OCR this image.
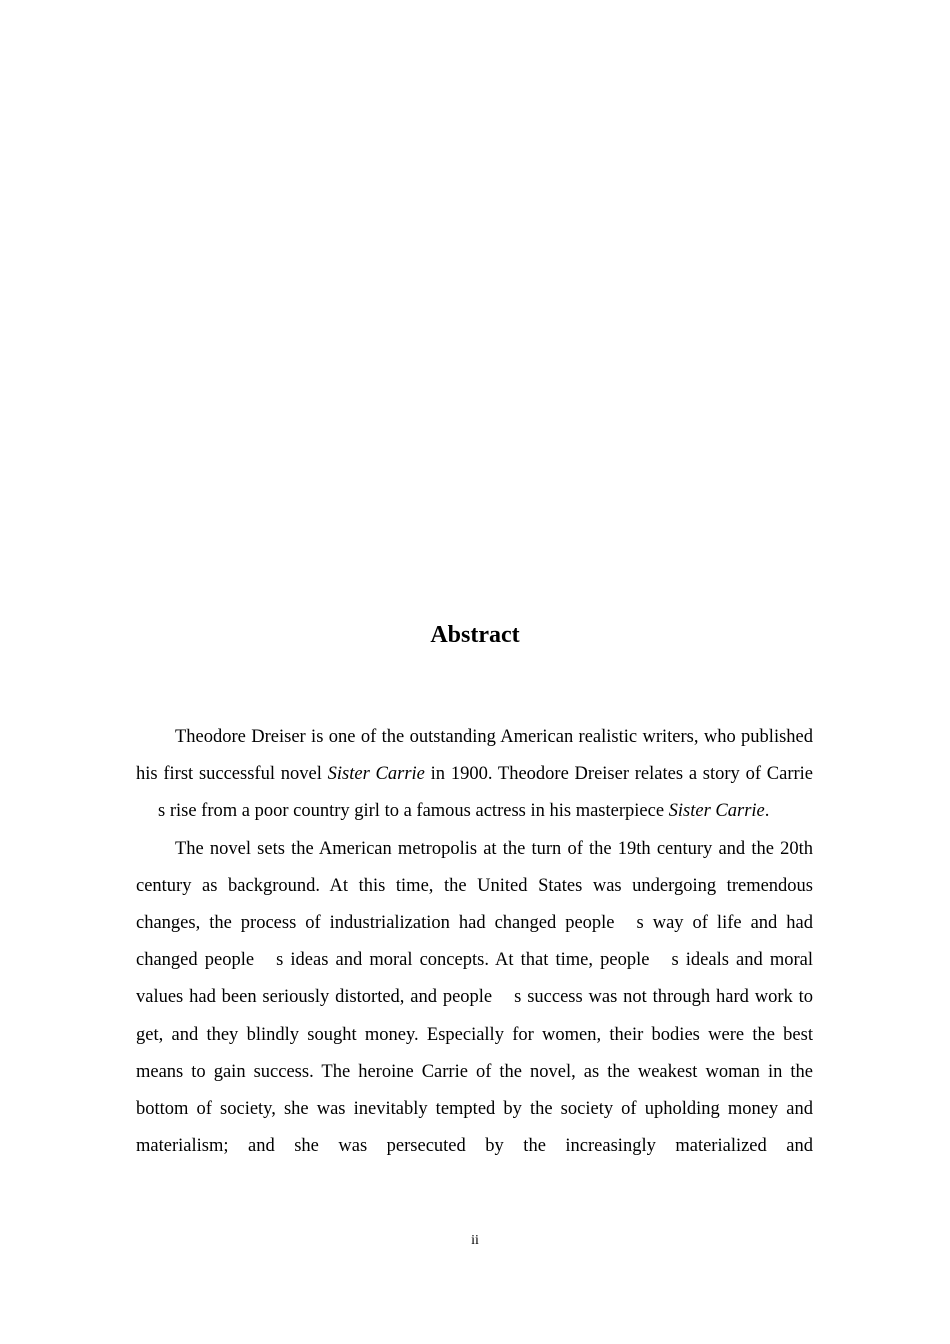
Abstract

Theodore Dreiser is one of the outstanding American realistic writers, who published his first successful novel Sister Carrie in 1900. Theodore Dreiser relates a story of Carries rise from a poor country girl to a famous actress in his masterpiece Sister Carrie.

The novel sets the American metropolis at the turn of the 19th century and the 20th century as background. At this time, the United States was undergoing tremendous changes, the process of industrialization had changed people s way of life and had changed people s ideas and moral concepts. At that time, people s ideals and moral values had been seriously distorted, and people s success was not through hard work to get, and they blindly sought money. Especially for women, their bodies were the best means to gain success. The heroine Carrie of the novel, as the weakest woman in the bottom of society, she was inevitably tempted by the society of upholding money and materialism; and she was persecuted by the increasingly materialized and

ii
